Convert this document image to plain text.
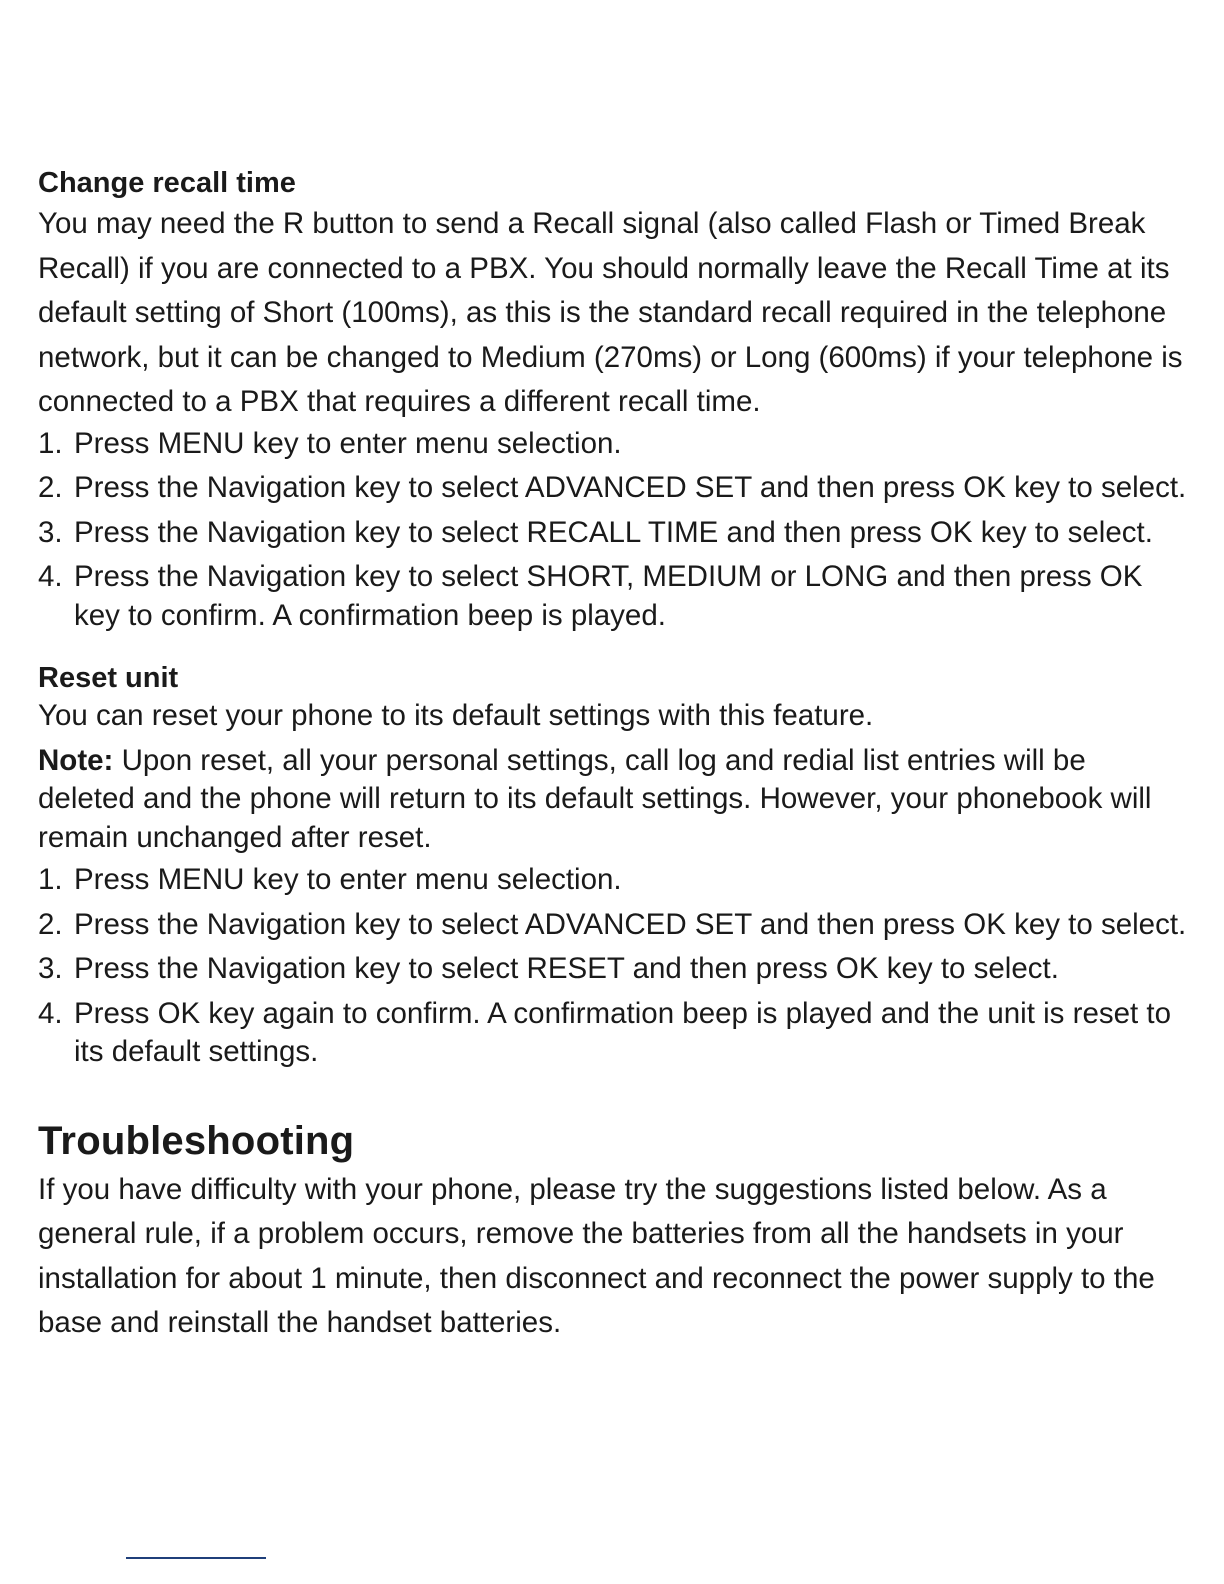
Change recall time

You may need the R button to send a Recall signal (also called Flash or Timed Break Recall) if you are connected to a PBX. You should normally leave the Recall Time at its default setting of Short (100ms), as this is the standard recall required in the telephone network, but it can be changed to Medium (270ms) or Long (600ms) if your telephone is connected to a PBX that requires a different recall time.

1. Press MENU key to enter menu selection.
2. Press the Navigation key to select ADVANCED SET and then press OK key to select.
3. Press the Navigation key to select RECALL TIME and then press OK key to select.
4. Press the Navigation key to select SHORT, MEDIUM or LONG and then press OK key to confirm. A confirmation beep is played.
Reset unit

You can reset your phone to its default settings with this feature.

Note: Upon reset, all your personal settings, call log and redial list entries will be deleted and the phone will return to its default settings. However, your phonebook will remain unchanged after reset.

1. Press MENU key to enter menu selection.
2. Press the Navigation key to select ADVANCED SET and then press OK key to select.
3. Press the Navigation key to select RESET and then press OK key to select.
4. Press OK key again to confirm. A confirmation beep is played and the unit is reset to its default settings.
Troubleshooting

If you have difficulty with your phone, please try the suggestions listed below. As a general rule, if a problem occurs, remove the batteries from all the handsets in your installation for about 1 minute, then disconnect and reconnect the power supply to the base and reinstall the handset batteries.
